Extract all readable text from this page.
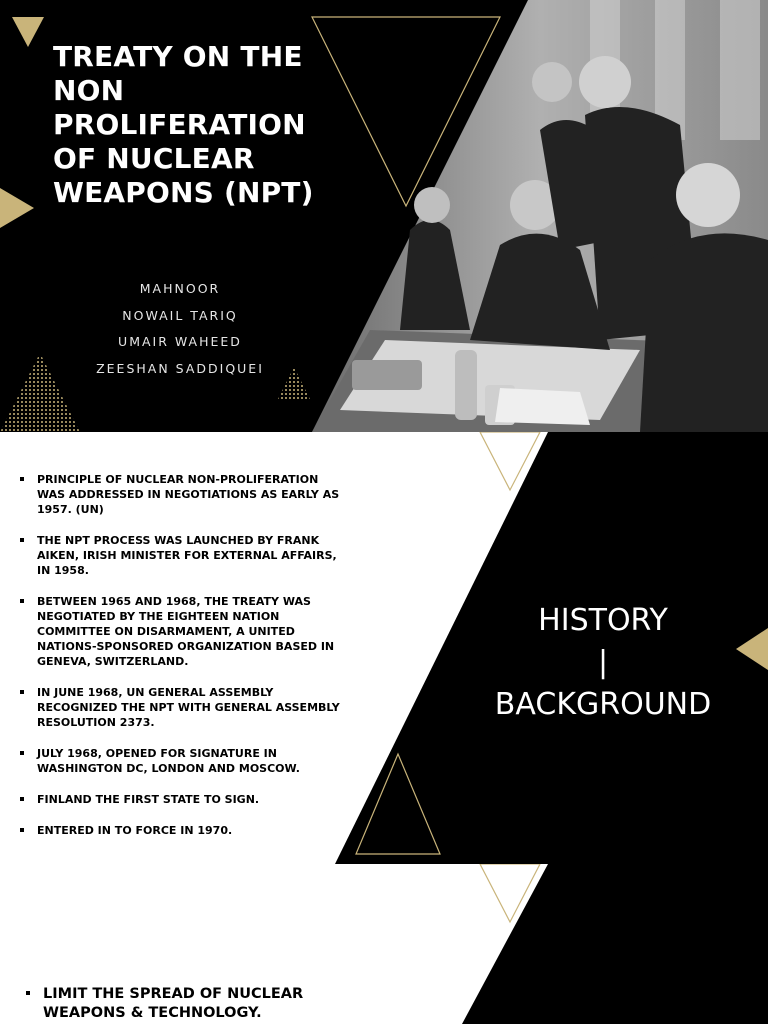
TREATY ON THE NON PROLIFERATION OF NUCLEAR WEAPONS (NPT)
MAHNOOR
NOWAIL TARIQ
UMAIR WAHEED
ZEESHAN SADDIQUEI
PRINCIPLE OF NUCLEAR NON-PROLIFERATION WAS ADDRESSED IN NEGOTIATIONS AS EARLY AS 1957. (UN)
THE NPT PROCESS WAS LAUNCHED BY FRANK AIKEN, IRISH MINISTER FOR EXTERNAL AFFAIRS, IN 1958.
BETWEEN 1965 AND 1968, THE TREATY WAS NEGOTIATED BY THE EIGHTEEN NATION COMMITTEE ON DISARMAMENT, A UNITED NATIONS-SPONSORED ORGANIZATION BASED IN GENEVA, SWITZERLAND.
IN JUNE 1968, UN GENERAL ASSEMBLY RECOGNIZED THE NPT WITH GENERAL ASSEMBLY RESOLUTION 2373.
JULY 1968, OPENED FOR SIGNATURE IN WASHINGTON DC, LONDON AND MOSCOW.
FINLAND THE FIRST STATE TO SIGN.
ENTERED IN TO FORCE IN 1970.
HISTORY
|
BACKGROUND
LIMIT THE SPREAD OF NUCLEAR WEAPONS & TECHNOLOGY.
